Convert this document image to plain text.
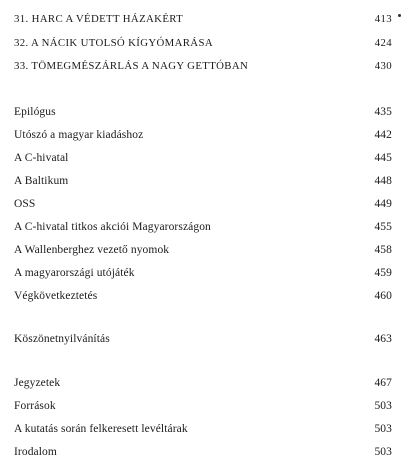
31. HARC A VÉDETT HÁZAKÉRT	413
32. A NÁCIK UTOLSÓ KÍGYÓMARÁSA	424
33. TÖMEGMÉSZÁRLÁS A NAGY GETTÓBAN	430
Epilógus	435
Utószó a magyar kiadáshoz	442
A C-hivatal	445
A Baltikum	448
OSS	449
A C-hivatal titkos akciói Magyarországon	455
A Wallenberghez vezető nyomok	458
A magyarországi utójáték	459
Végkövetkeztetés	460
Köszönetnyilvánítás	463
Jegyzetek	467
Források	503
A kutatás során felkeresett levéltárak	503
Irodalom	503
